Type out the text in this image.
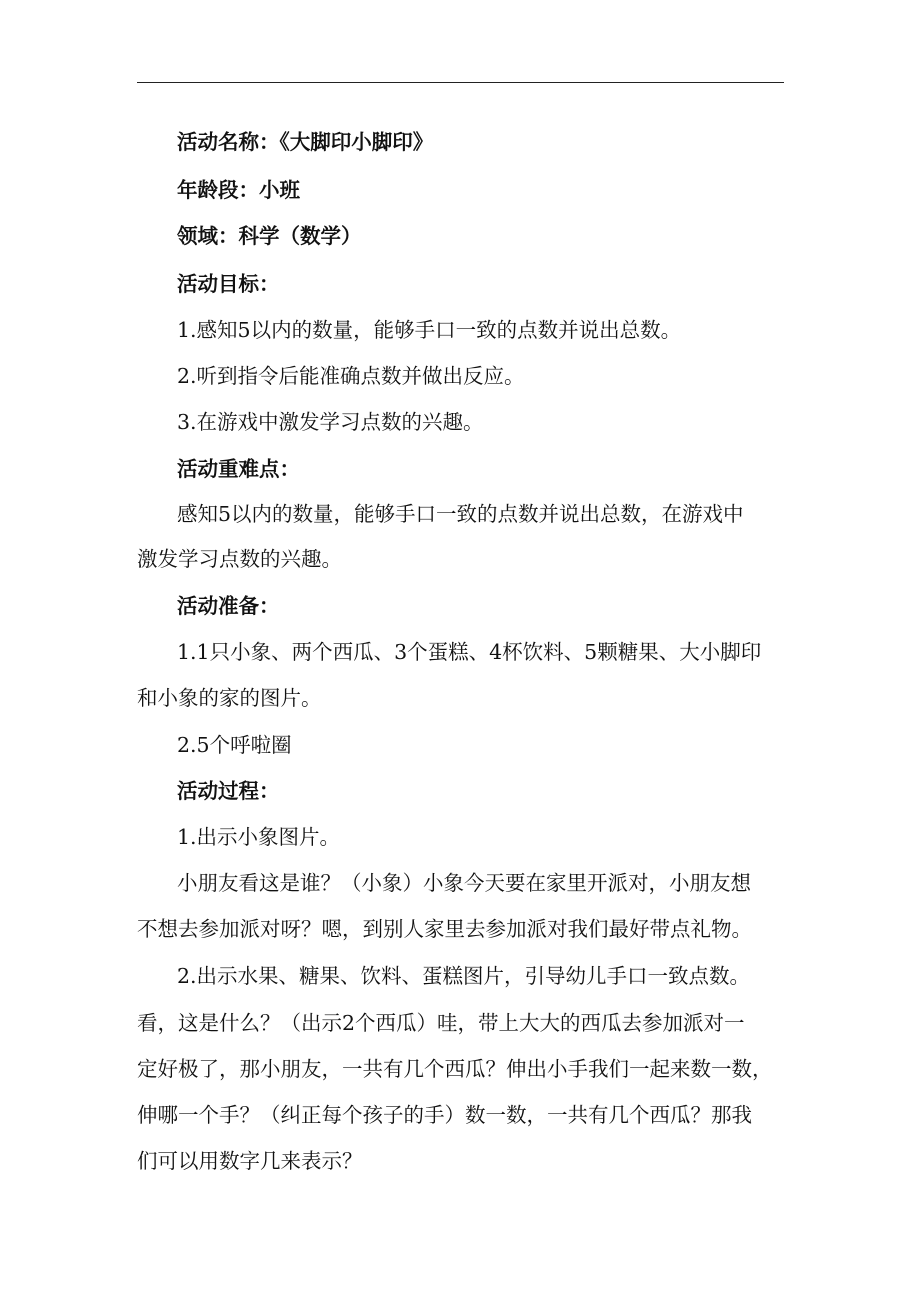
活动名称：《大脚印小脚印》
年龄段：小班
领域：科学（数学）
活动目标：
1.感知5以内的数量，能够手口一致的点数并说出总数。
2.听到指令后能准确点数并做出反应。
3.在游戏中激发学习点数的兴趣。
活动重难点：
感知5以内的数量，能够手口一致的点数并说出总数，在游戏中
激发学习点数的兴趣。
活动准备：
1.1只小象、两个西瓜、3个蛋糕、4杯饮料、5颗糖果、大小脚印
和小象的家的图片。
2.5个呼啦圈
活动过程：
1.出示小象图片。
小朋友看这是谁？（小象）小象今天要在家里开派对，小朋友想
不想去参加派对呀？嗯，到别人家里去参加派对我们最好带点礼物。
2.出示水果、糖果、饮料、蛋糕图片，引导幼儿手口一致点数。
看，这是什么？（出示2个西瓜）哇，带上大大的西瓜去参加派对一
定好极了，那小朋友，一共有几个西瓜？伸出小手我们一起来数一数，
伸哪一个手？（纠正每个孩子的手）数一数，一共有几个西瓜？那我
们可以用数字几来表示？
